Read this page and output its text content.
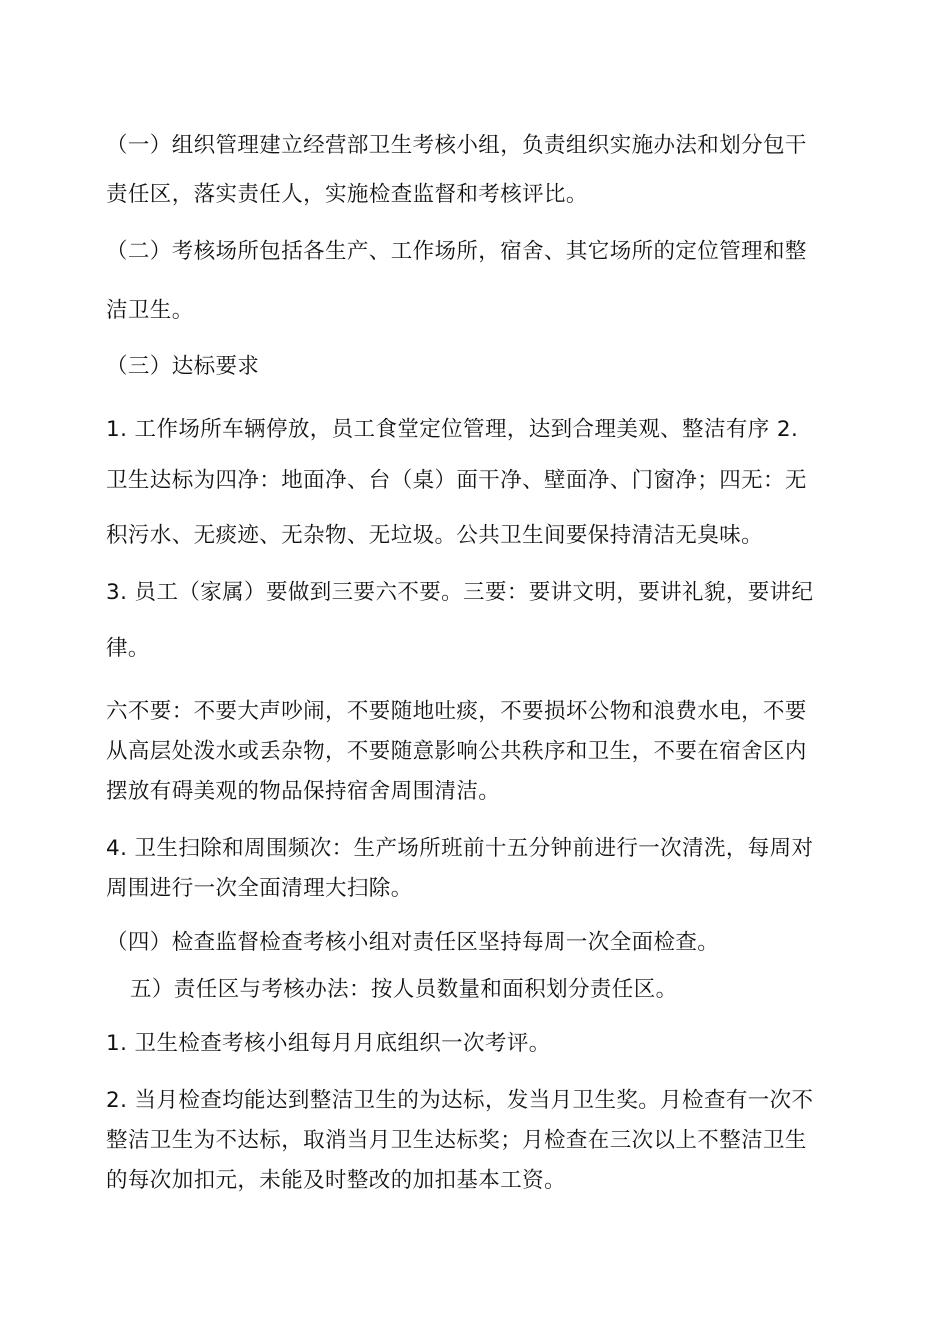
（一）组织管理建立经营部卫生考核小组，负责组织实施办法和划分包干

责任区，落实责任人，实施检查监督和考核评比。

（二）考核场所包括各生产、工作场所，宿舍、其它场所的定位管理和整

洁卫生。

（三）达标要求

1. 工作场所车辆停放，员工食堂定位管理，达到合理美观、整洁有序 2.

卫生达标为四净：地面净、台（桌）面干净、壁面净、门窗净；四无：无

积污水、无痰迹、无杂物、无垃圾。公共卫生间要保持清洁无臭味。

3. 员工（家属）要做到三要六不要。三要：要讲文明，要讲礼貌，要讲纪

律。

六不要：不要大声吵闹，不要随地吐痰，不要损坏公物和浪费水电，不要

从高层处泼水或丢杂物，不要随意影响公共秩序和卫生，不要在宿舍区内

摆放有碍美观的物品保持宿舍周围清洁。

4. 卫生扫除和周围频次：生产场所班前十五分钟前进行一次清洗，每周对

周围进行一次全面清理大扫除。

（四）检查监督检查考核小组对责任区坚持每周一次全面检查。

五）责任区与考核办法：按人员数量和面积划分责任区。

1. 卫生检查考核小组每月月底组织一次考评。

2. 当月检查均能达到整洁卫生的为达标，发当月卫生奖。月检查有一次不

整洁卫生为不达标，取消当月卫生达标奖；月检查在三次以上不整洁卫生

的每次加扣元，未能及时整改的加扣基本工资。
